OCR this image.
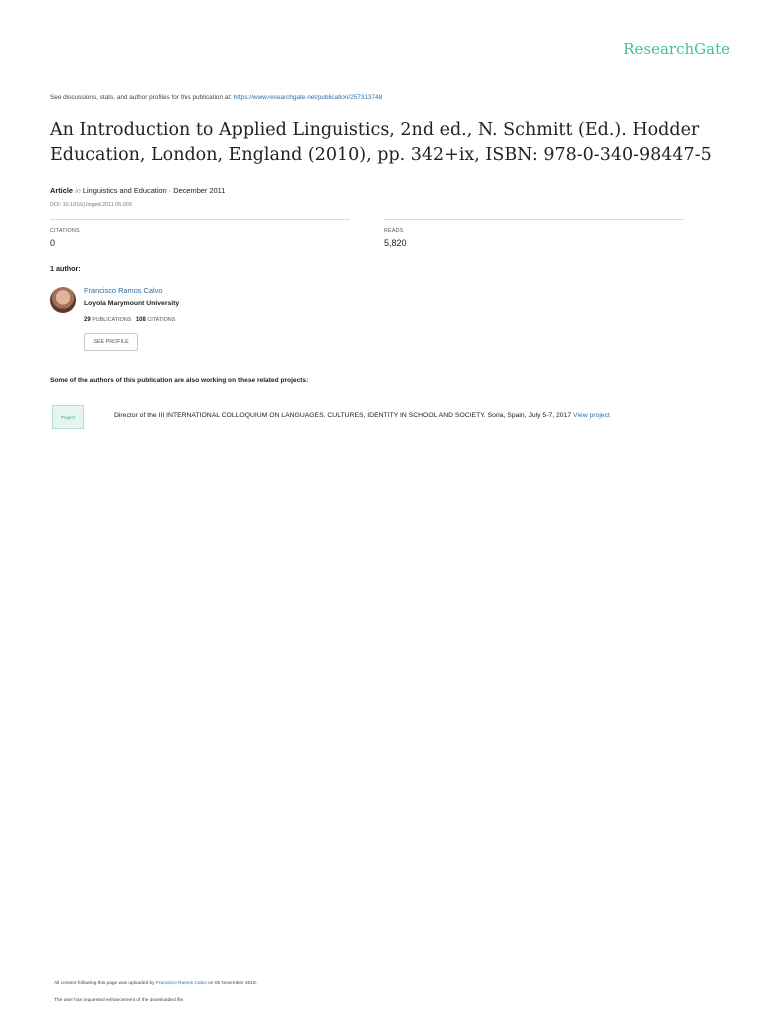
ResearchGate
See discussions, stats, and author profiles for this publication at: https://www.researchgate.net/publication/257313748
An Introduction to Applied Linguistics, 2nd ed., N. Schmitt (Ed.). Hodder Education, London, England (2010), pp. 342+ix, ISBN: 978-0-340-98447-5
Article in Linguistics and Education · December 2011
DOI: 10.1016/j.linged.2011.05.003
CITATIONS
0
READS
5,820
1 author:
Francisco Ramos Calvo
Loyola Marymount University
29 PUBLICATIONS 108 CITATIONS
SEE PROFILE
Some of the authors of this publication are also working on these related projects:
Project	Director of the III INTERNATIONAL COLLOQUIUM ON LANGUAGES, CULTURES, IDENTITY IN SCHOOL AND SOCIETY. Soria, Spain, July 5-7, 2017 View project
All content following this page was uploaded by Francisco Ramos Calvo on 05 November 2018.
The user has requested enhancement of the downloaded file.
